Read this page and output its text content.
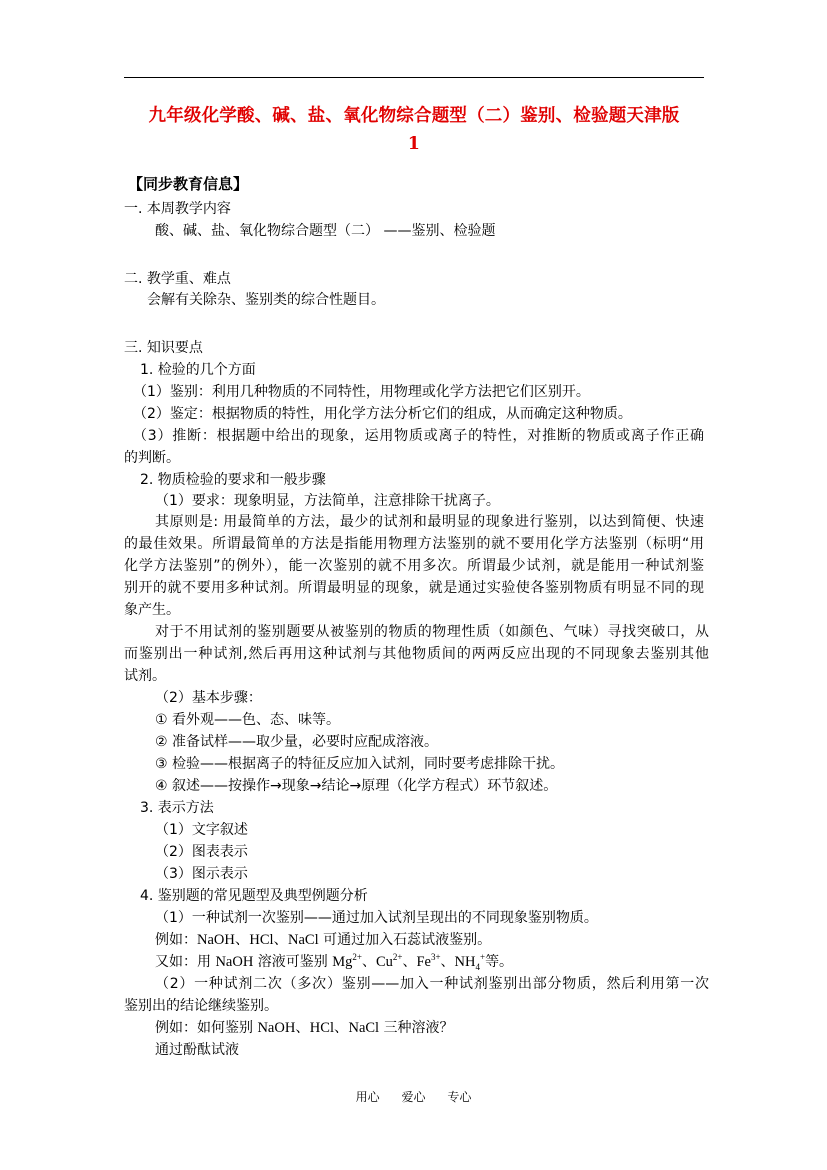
九年级化学酸、碱、盐、氧化物综合题型（二）鉴别、检验题天津版
1
【同步教育信息】
一. 本周教学内容
酸、碱、盐、氧化物综合题型（二） ——鉴别、检验题
二. 教学重、难点
会解有关除杂、鉴别类的综合性题目。
三. 知识要点
1. 检验的几个方面
（1）鉴别：利用几种物质的不同特性，用物理或化学方法把它们区别开。
（2）鉴定：根据物质的特性，用化学方法分析它们的组成，从而确定这种物质。
（3）推断：根据题中给出的现象，运用物质或离子的特性，对推断的物质或离子作正确
的判断。
2. 物质检验的要求和一般步骤
（1）要求：现象明显，方法简单，注意排除干扰离子。
其原则是: 用最简单的方法，最少的试剂和最明显的现象进行鉴别，以达到简便、快速
的最佳效果。所谓最简单的方法是指能用物理方法鉴别的就不要用化学方法鉴别（标明“用
化学方法鉴别”的例外），能一次鉴别的就不用多次。所谓最少试剂，就是能用一种试剂鉴
别开的就不要用多种试剂。所谓最明显的现象，就是通过实验使各鉴别物质有明显不同的现
象产生。
对于不用试剂的鉴别题要从被鉴别的物质的物理性质（如颜色、气味）寻找突破口，从
而鉴别出一种试剂,然后再用这种试剂与其他物质间的两两反应出现的不同现象去鉴别其他
试剂。
（2）基本步骤：
① 看外观——色、态、味等。
② 准备试样——取少量，必要时应配成溶液。
③ 检验——根据离子的特征反应加入试剂，同时要考虑排除干扰。
④ 叙述——按操作→现象→结论→原理（化学方程式）环节叙述。
3. 表示方法
（1）文字叙述
（2）图表表示
（3）图示表示
4. 鉴别题的常见题型及典型例题分析
（1）一种试剂一次鉴别——通过加入试剂呈现出的不同现象鉴别物质。
例如：NaOH、HCl、NaCl 可通过加入石蕊试液鉴别。
又如：用 NaOH 溶液可鉴别 $Mg^{2+}$、$Cu^{2+}$、$Fe^{3+}$、$NH_4^+$等。
（2）一种试剂二次（多次）鉴别——加入一种试剂鉴别出部分物质，然后利用第一次
鉴别出的结论继续鉴别。
例如：如何鉴别 NaOH、HCl、NaCl 三种溶液？
通过酚酞试液
用心 爱心 专心
